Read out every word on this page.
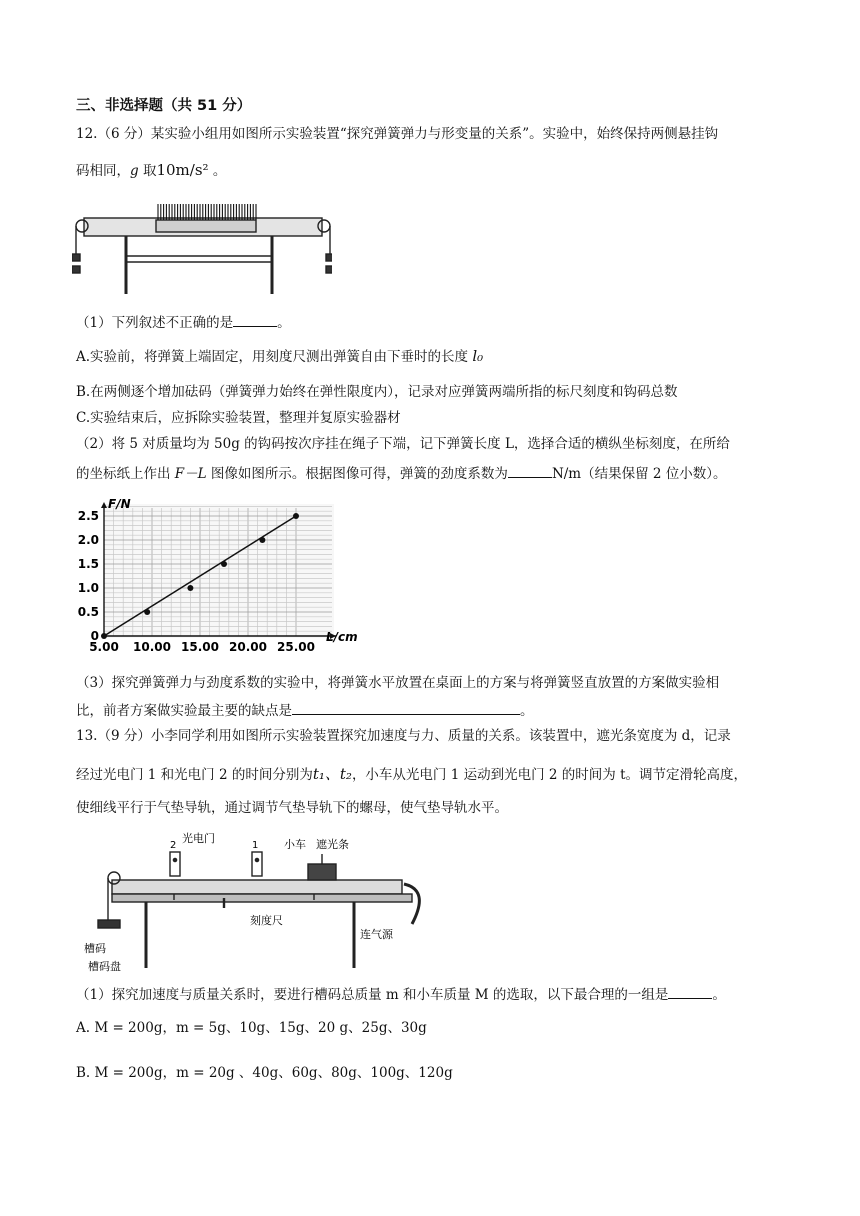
三、非选择题（共 51 分）
12.（6 分）某实验小组用如图所示实验装置“探究弹簧弹力与形变量的关系”。实验中，始终保持两侧悬挂钩
码相同，g 取10m/s² 。
（1）下列叙述不正确的是	。
A.实验前，将弹簧上端固定，用刻度尺测出弹簧自由下垂时的长度 l₀
B.在两侧逐个增加砝码（弹簧弹力始终在弹性限度内），记录对应弹簧两端所指的标尺刻度和钩码总数
C.实验结束后，应拆除实验装置，整理并复原实验器材
（2）将 5 对质量均为 50g 的钩码按次序挂在绳子下端，记下弹簧长度 L，选择合适的横纵坐标刻度，在所给
的坐标纸上作出 F－L 图像如图所示。根据图像可得，弹簧的劲度系数为	N/m（结果保留 2 位小数）。
5.00 10.00 15.00 20.00 25.00
0
0.5
1.0
1.5
2.0
2.5
F/N
L/cm
（3）探究弹簧弹力与劲度系数的实验中，将弹簧水平放置在桌面上的方案与将弹簧竖直放置的方案做实验相
比，前者方案做实验最主要的缺点是	。
13.（9 分）小李同学利用如图所示实验装置探究加速度与力、质量的关系。该装置中，遮光条宽度为 d，记录
经过光电门 1 和光电门 2 的时间分别为t₁、t₂，小车从光电门 1 运动到光电门 2 的时间为 t。调节定滑轮高度，
使细线平行于气垫导轨，通过调节气垫导轨下的螺母，使气垫导轨水平。
光电门
2	1 小车 遮光条
刻度尺
连气源
槽码
槽码盘
（1）探究加速度与质量关系时，要进行槽码总质量 m 和小车质量 M 的选取，以下最合理的一组是	。
A. M = 200g，m = 5g、10g、15g、20 g、25g、30g
B. M = 200g，m = 20g 、40g、60g、80g、100g、120g
